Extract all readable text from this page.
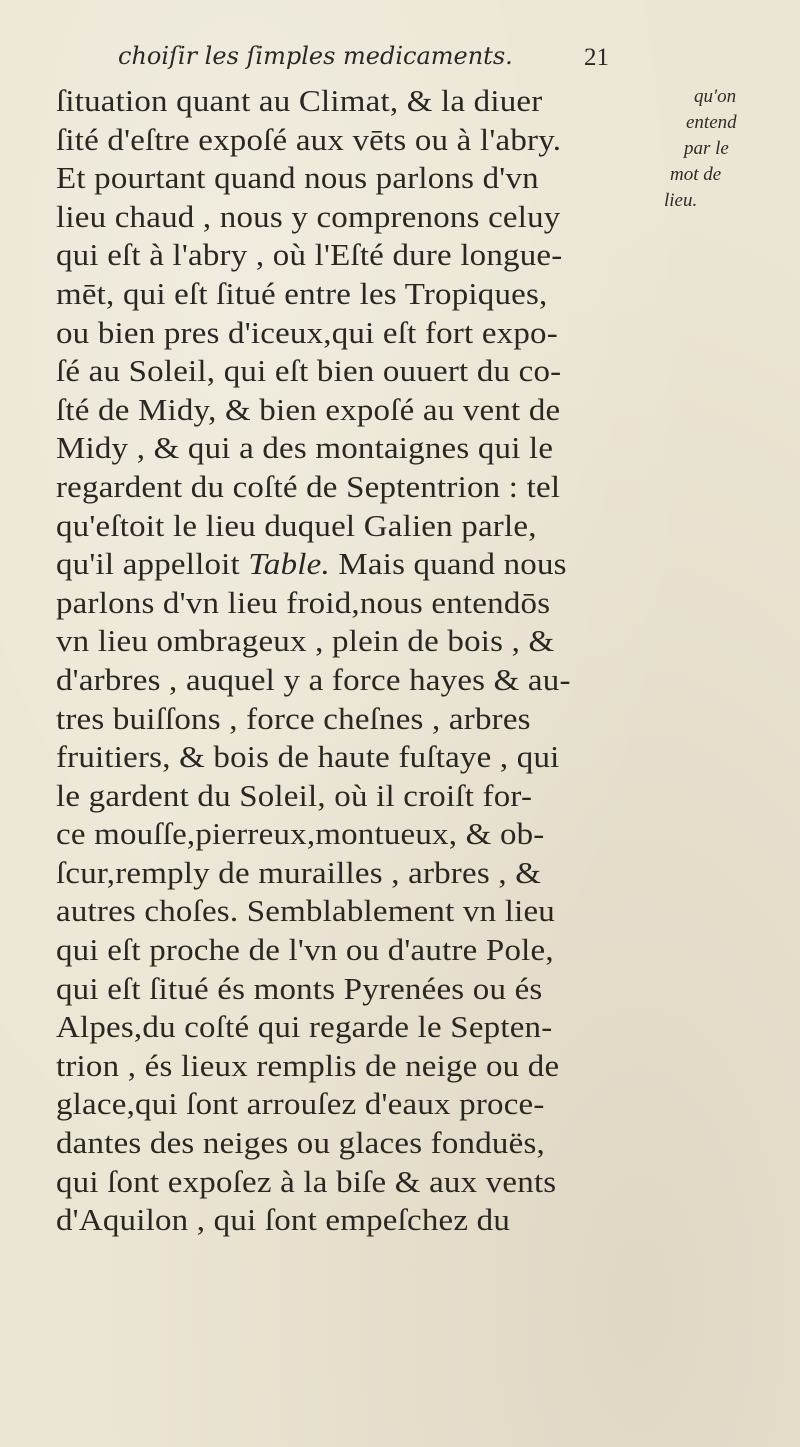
choiſir les ſimples medicaments.	21
ſituation quant au Climat, & la diuer
ſité d'eſtre expoſé aux vēts ou à l'abry.
Et pourtant quand nous parlons d'vn
lieu chaud , nous y comprenons celuy
qui eſt à l'abry , où l'Eſté dure longue-
mēt, qui eſt ſitué entre les Tropiques,
ou bien pres d'iceux,qui eſt fort expo-
ſé au Soleil, qui eſt bien ouuert du co-
ſté de Midy, & bien expoſé au vent de
Midy , & qui a des montaignes qui le
regardent du coſté de Septentrion : tel
qu'eſtoit le lieu duquel Galien parle,
qu'il appelloit Table. Mais quand nous
parlons d'vn lieu froid,nous entendōs
vn lieu ombrageux , plein de bois , &
d'arbres , auquel y a force hayes & au-
tres buiſſons , force cheſnes , arbres
fruitiers, & bois de haute fuſtaye , qui
le gardent du Soleil, où il croiſt for-
ce mouſſe,pierreux,montueux, & ob-
ſcur,remply de murailles , arbres , &
autres choſes. Semblablement vn lieu
qui eſt proche de l'vn ou d'autre Pole,
qui eſt ſitué és monts Pyrenées ou és
Alpes,du coſté qui regarde le Septen-
trion , és lieux remplis de neige ou de
glace,qui ſont arrouſez d'eaux proce-
dantes des neiges ou glaces fonduës,
qui ſont expoſez à la biſe & aux vents
d'Aquilon , qui ſont empeſchez du
qu'on
entend
par le
mot de
lieu.
